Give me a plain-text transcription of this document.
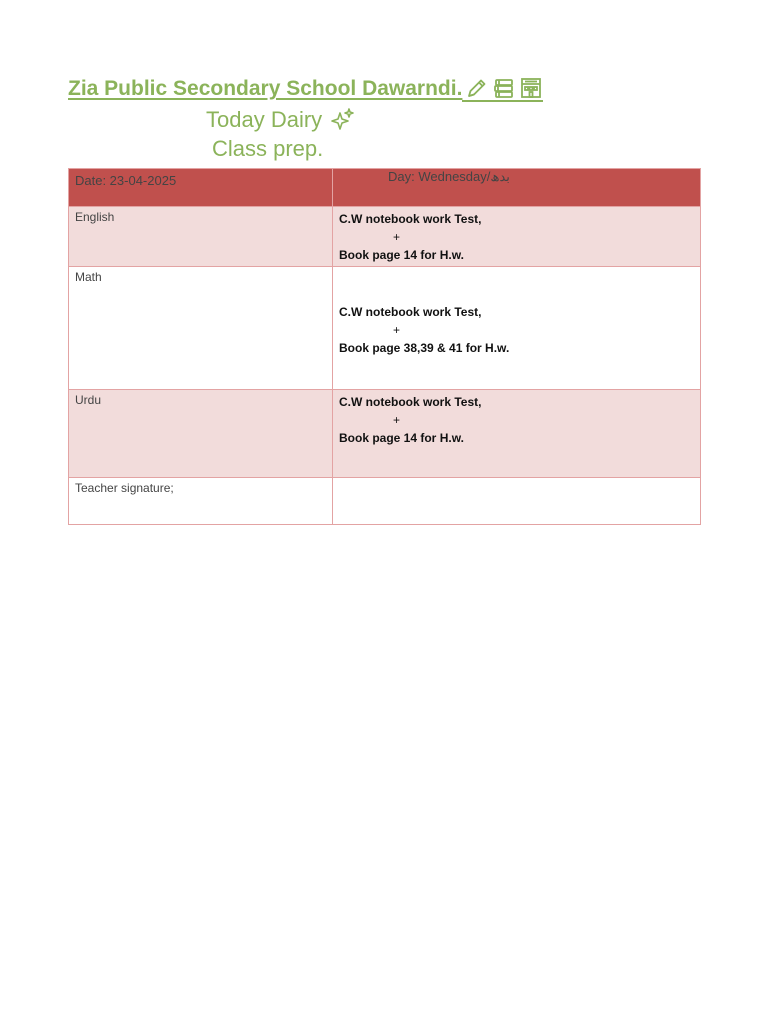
Zia Public Secondary School Dawarndi.
Today Dairy
Class prep.
Date: 23-04-2025	Day: Wednesday/بدھ
English	C.W notebook work Test,
+
Book page 14 for H.w.

Math	C.W notebook work Test,
+
Book page 38,39 & 41 for H.w.

Urdu	C.W notebook work Test,
+
Book page 14 for H.w.

Teacher signature;	
